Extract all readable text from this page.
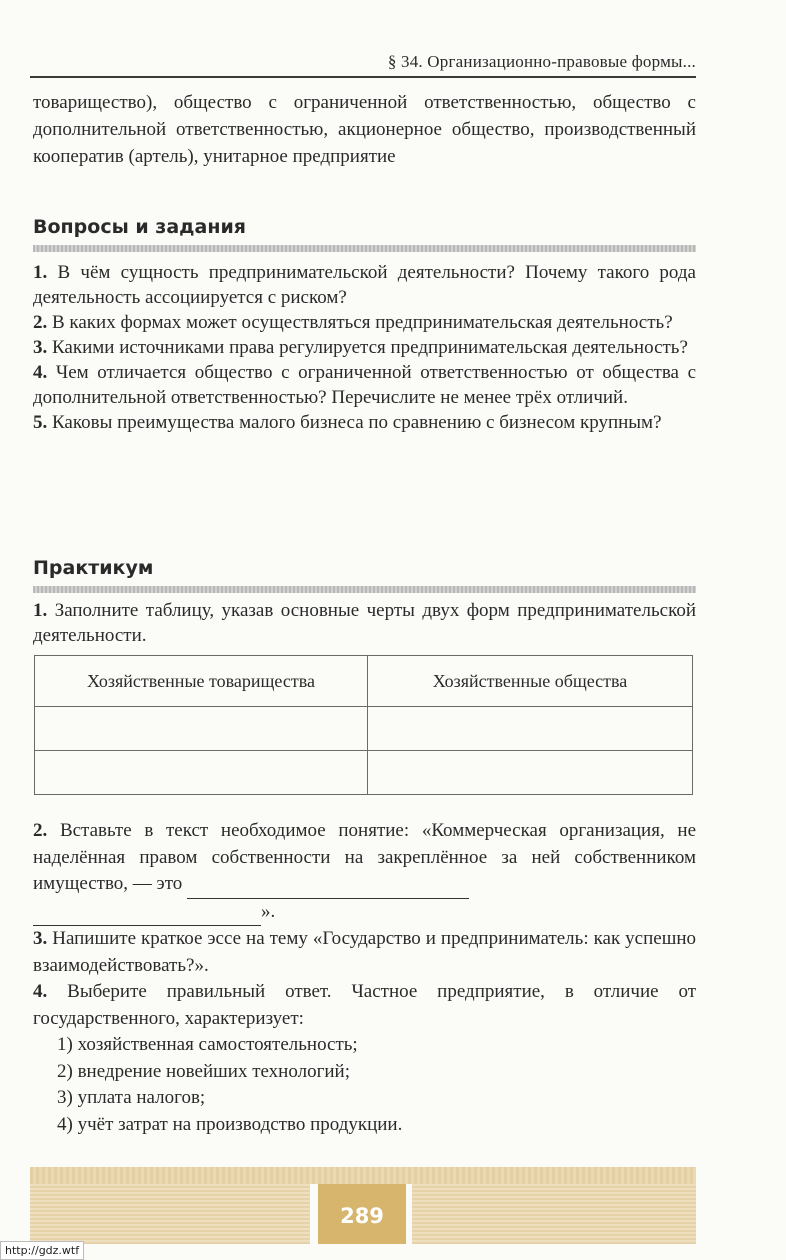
§ 34. Организационно-правовые формы...
товарищество), общество с ограниченной ответственностью, общество с дополнительной ответственностью, акционерное общество, производственный кооператив (артель), унитарное предприятие
Вопросы и задания

1. В чём сущность предпринимательской деятельности? Почему такого рода деятельность ассоциируется с риском?

2. В каких формах может осуществляться предпринимательская деятельность?

3. Какими источниками права регулируется предпринимательская деятельность?

4. Чем отличается общество с ограниченной ответственностью от общества с дополнительной ответственностью? Перечислите не менее трёх отличий.

5. Каковы преимущества малого бизнеса по сравнению с бизнесом крупным?

Практикум

1. Заполните таблицу, указав основные черты двух форм предпринимательской деятельности.

Хозяйственные товарищества	Хозяйственные общества

2. Вставьте в текст необходимое понятие: «Коммерческая организация, не наделённая правом собственности на закреплённое за ней собственником имущество, — это
».

3. Напишите краткое эссе на тему «Государство и предприниматель: как успешно взаимодействовать?».

4. Выберите правильный ответ. Частное предприятие, в отличие от государственного, характеризует:

1) хозяйственная самостоятельность;
2) внедрение новейших технологий;
3) уплата налогов;
4) учёт затрат на производство продукции.
289
http://gdz.wtf
